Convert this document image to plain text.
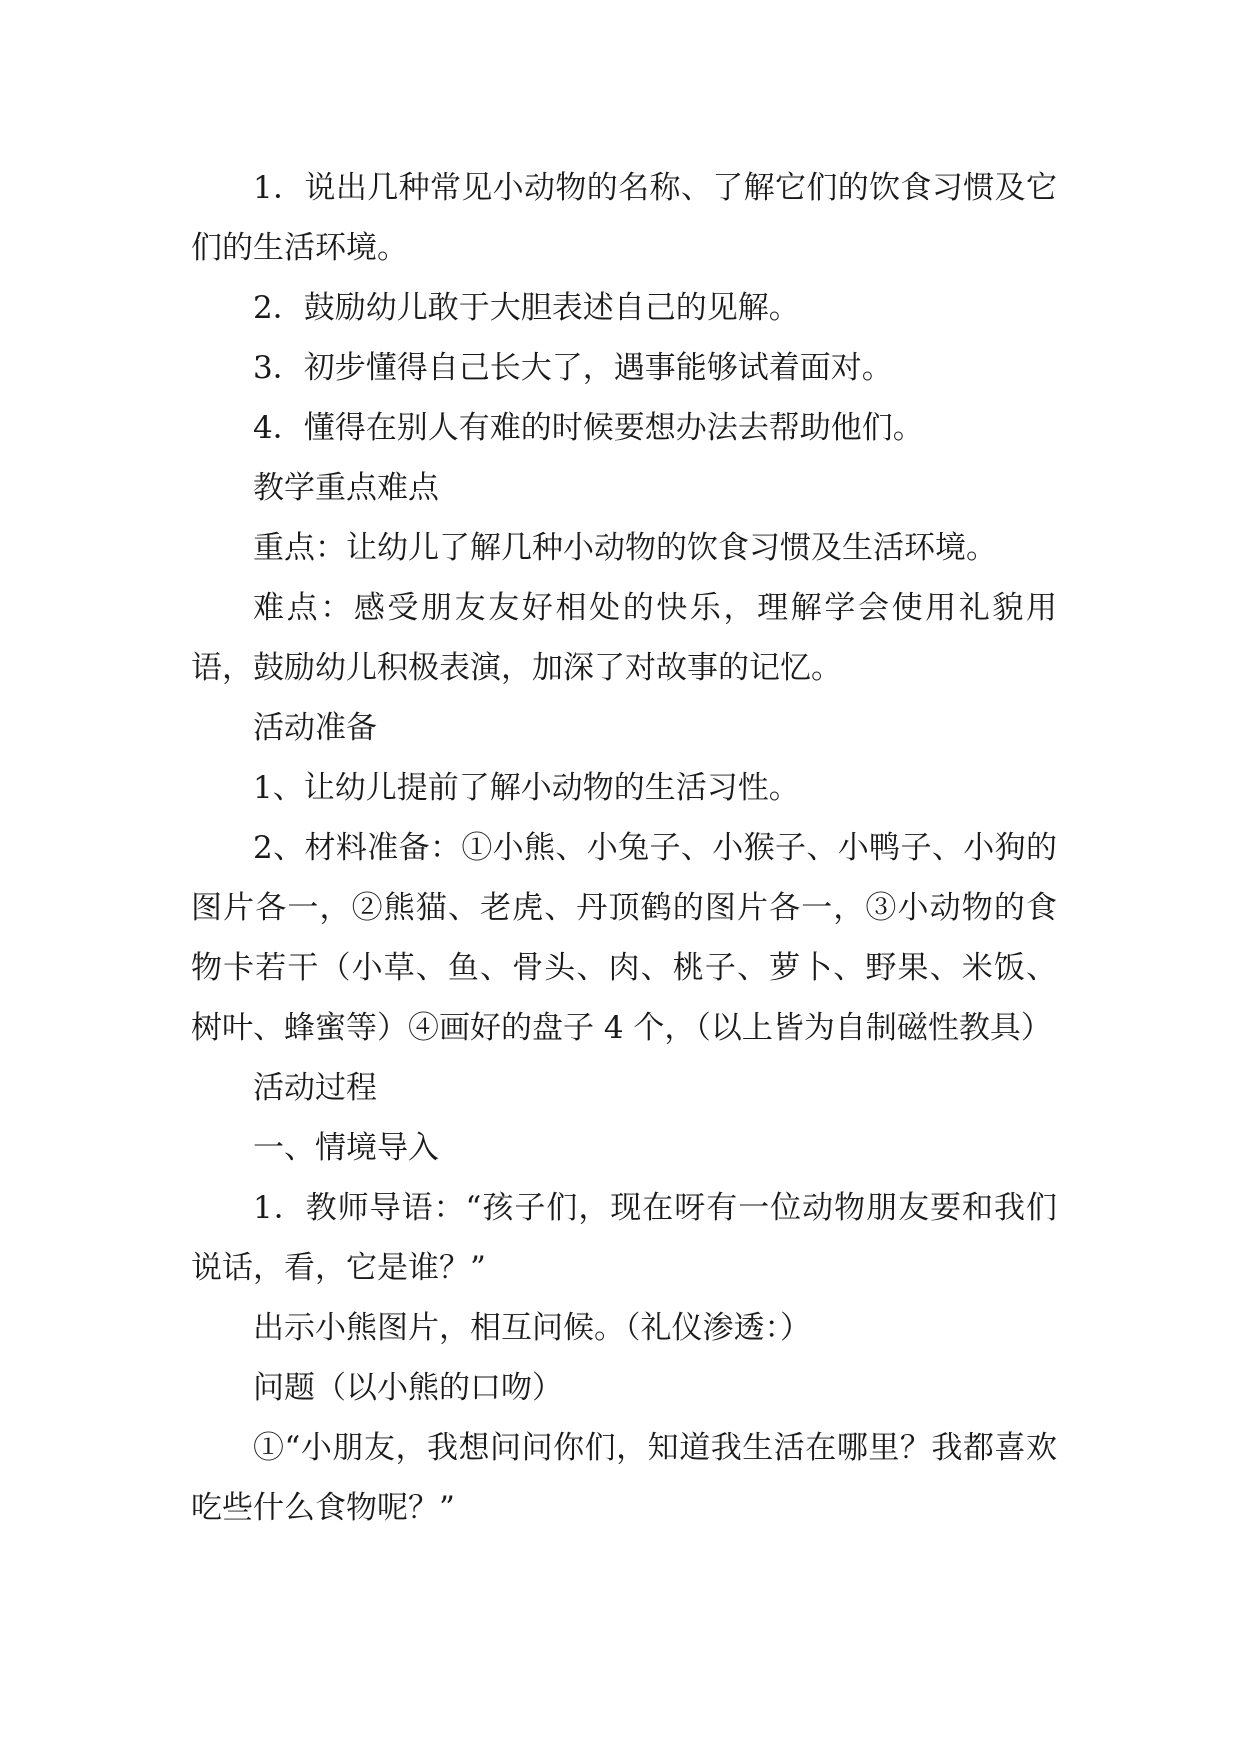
1．说出几种常见小动物的名称、了解它们的饮食习惯及它们的生活环境。

2．鼓励幼儿敢于大胆表述自己的见解。

3．初步懂得自己长大了，遇事能够试着面对。

4．懂得在别人有难的时候要想办法去帮助他们。

教学重点难点

重点：让幼儿了解几种小动物的饮食习惯及生活环境。

难点：感受朋友友好相处的快乐，理解学会使用礼貌用语，鼓励幼儿积极表演，加深了对故事的记忆。

活动准备

1、让幼儿提前了解小动物的生活习性。

2、材料准备：①小熊、小兔子、小猴子、小鸭子、小狗的图片各一，②熊猫、老虎、丹顶鹤的图片各一，③小动物的食物卡若干（小草、鱼、骨头、肉、桃子、萝卜、野果、米饭、树叶、蜂蜜等）④画好的盘子 4 个，（以上皆为自制磁性教具）

活动过程

一、情境导入

1．教师导语：“孩子们，现在呀有一位动物朋友要和我们说话，看，它是谁？”

出示小熊图片，相互问候。（礼仪渗透：）

问题（以小熊的口吻）

①“小朋友，我想问问你们，知道我生活在哪里？我都喜欢吃些什么食物呢？”
